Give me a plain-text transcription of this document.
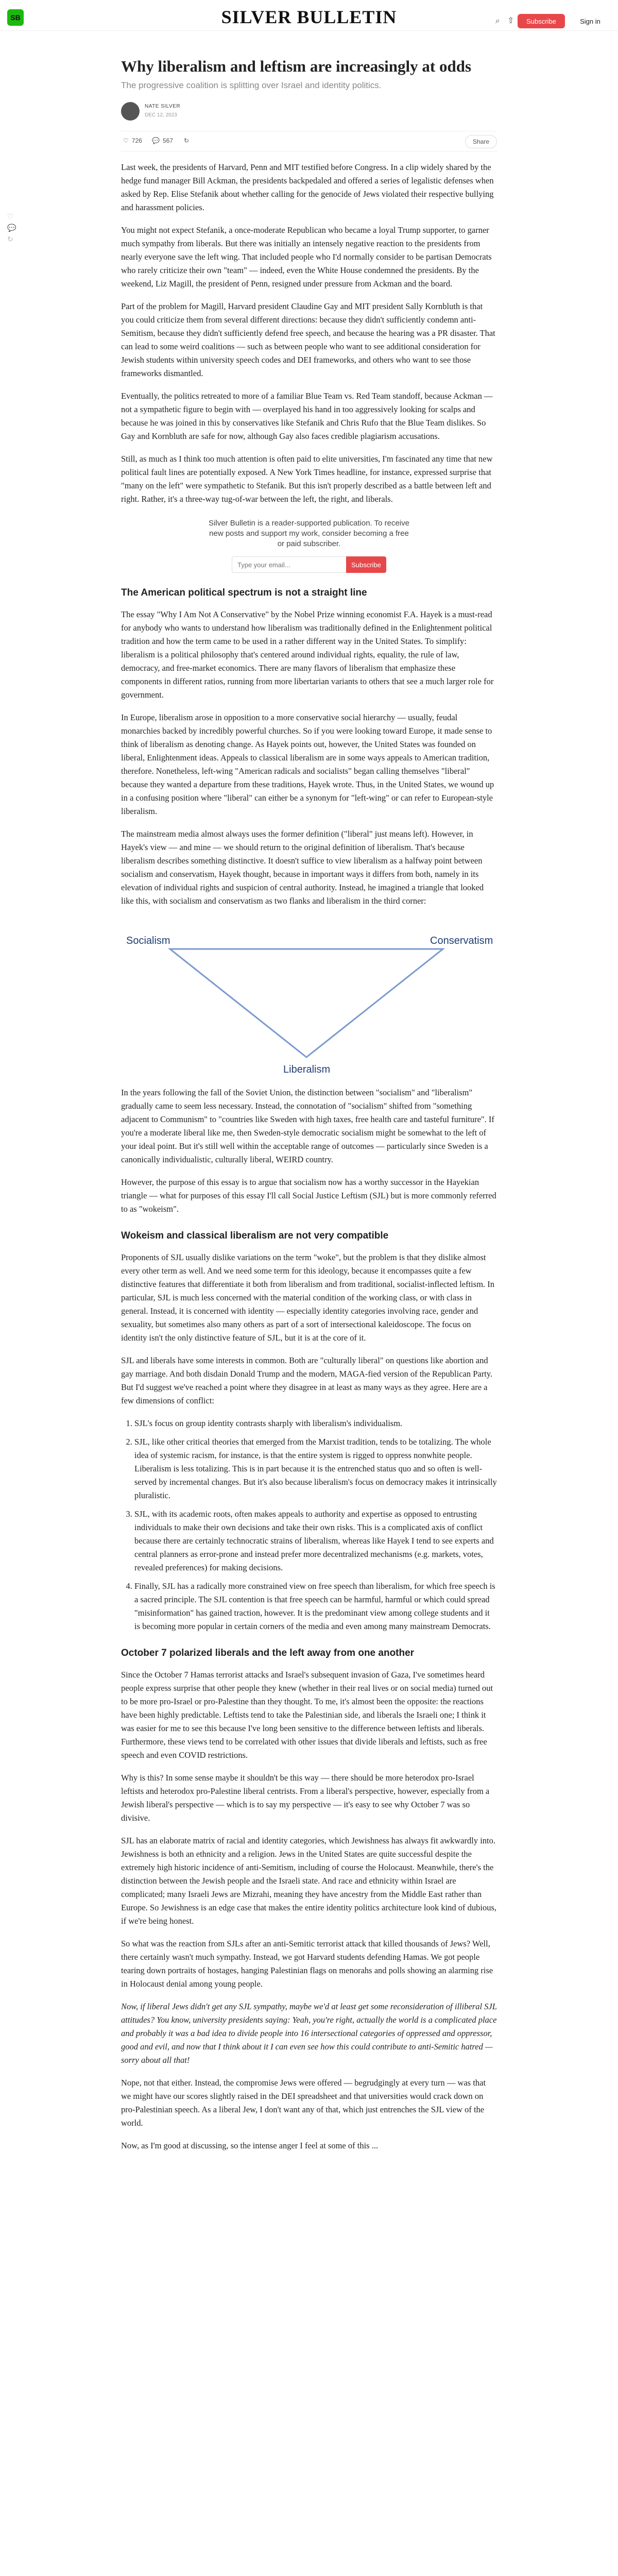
SB	SILVER BULLETIN	⌕ ⇧	Subscribe	Sign in
♡
💬
↻
Why liberalism and leftism are increasingly at odds
The progressive coalition is splitting over Israel and identity politics.
NATE SILVER
DEC 12, 2023
♡ 726 💬 567 ↻	Share

Last week, the presidents of Harvard, Penn and MIT testified before Congress. In a clip widely shared by the hedge fund manager Bill Ackman, the presidents backpedaled and offered a series of legalistic defenses when asked by Rep. Elise Stefanik about whether calling for the genocide of Jews violated their respective bullying and harassment policies.

You might not expect Stefanik, a once-moderate Republican who became a loyal Trump supporter, to garner much sympathy from liberals. But there was initially an intensely negative reaction to the presidents from nearly everyone save the left wing. That included people who I'd normally consider to be partisan Democrats who rarely criticize their own "team" — indeed, even the White House condemned the presidents. By the weekend, Liz Magill, the president of Penn, resigned under pressure from Ackman and the board.

Part of the problem for Magill, Harvard president Claudine Gay and MIT president Sally Kornbluth is that you could criticize them from several different directions: because they didn't sufficiently condemn anti-Semitism, because they didn't sufficiently defend free speech, and because the hearing was a PR disaster. That can lead to some weird coalitions — such as between people who want to see additional consideration for Jewish students within university speech codes and DEI frameworks, and others who want to see those frameworks dismantled.

Eventually, the politics retreated to more of a familiar Blue Team vs. Red Team standoff, because Ackman — not a sympathetic figure to begin with — overplayed his hand in too aggressively looking for scalps and because he was joined in this by conservatives like Stefanik and Chris Rufo that the Blue Team dislikes. So Gay and Kornbluth are safe for now, although Gay also faces credible plagiarism accusations.

Still, as much as I think too much attention is often paid to elite universities, I'm fascinated any time that new political fault lines are potentially exposed. A New York Times headline, for instance, expressed surprise that "many on the left" were sympathetic to Stefanik. But this isn't properly described as a battle between left and right. Rather, it's a three-way tug-of-war between the left, the right, and liberals.

Silver Bulletin is a reader-supported publication. To receive new posts and support my work, consider becoming a free or paid subscriber.
Type your email...
Subscribe
The American political spectrum is not a straight line

The essay "Why I Am Not A Conservative" by the Nobel Prize winning economist F.A. Hayek is a must-read for anybody who wants to understand how liberalism was traditionally defined in the Enlightenment political tradition and how the term came to be used in a rather different way in the United States. To simplify: liberalism is a political philosophy that's centered around individual rights, equality, the rule of law, democracy, and free-market economics. There are many flavors of liberalism that emphasize these components in different ratios, running from more libertarian variants to others that see a much larger role for government.

In Europe, liberalism arose in opposition to a more conservative social hierarchy — usually, feudal monarchies backed by incredibly powerful churches. So if you were looking toward Europe, it made sense to think of liberalism as denoting change. As Hayek points out, however, the United States was founded on liberal, Enlightenment ideas. Appeals to classical liberalism are in some ways appeals to American tradition, therefore. Nonetheless, left-wing "American radicals and socialists" began calling themselves "liberal" because they wanted a departure from these traditions, Hayek wrote. Thus, in the United States, we wound up in a confusing position where "liberal" can either be a synonym for "left-wing" or can refer to European-style liberalism.

The mainstream media almost always uses the former definition ("liberal" just means left). However, in Hayek's view — and mine — we should return to the original definition of liberalism. That's because liberalism describes something distinctive. It doesn't suffice to view liberalism as a halfway point between socialism and conservatism, Hayek thought, because in important ways it differs from both, namely in its elevation of individual rights and suspicion of central authority. Instead, he imagined a triangle that looked like this, with socialism and conservatism as two flanks and liberalism in the third corner:

Socialism	Conservatism
Liberalism

In the years following the fall of the Soviet Union, the distinction between "socialism" and "liberalism" gradually came to seem less necessary. Instead, the connotation of "socialism" shifted from "something adjacent to Communism" to "countries like Sweden with high taxes, free health care and tasteful furniture". If you're a moderate liberal like me, then Sweden-style democratic socialism might be somewhat to the left of your ideal point. But it's still well within the acceptable range of outcomes — particularly since Sweden is a canonically individualistic, culturally liberal, WEIRD country.

However, the purpose of this essay is to argue that socialism now has a worthy successor in the Hayekian triangle — what for purposes of this essay I'll call Social Justice Leftism (SJL) but is more commonly referred to as "wokeism".

Wokeism and classical liberalism are not very compatible

Proponents of SJL usually dislike variations on the term "woke", but the problem is that they dislike almost every other term as well. And we need some term for this ideology, because it encompasses quite a few distinctive features that differentiate it both from liberalism and from traditional, socialist-inflected leftism. In particular, SJL is much less concerned with the material condition of the working class, or with class in general. Instead, it is concerned with identity — especially identity categories involving race, gender and sexuality, but sometimes also many others as part of a sort of intersectional kaleidoscope. The focus on identity isn't the only distinctive feature of SJL, but it is at the core of it.

SJL and liberals have some interests in common. Both are "culturally liberal" on questions like abortion and gay marriage. And both disdain Donald Trump and the modern, MAGA-fied version of the Republican Party. But I'd suggest we've reached a point where they disagree in at least as many ways as they agree. Here are a few dimensions of conflict:

1. SJL's focus on group identity contrasts sharply with liberalism's individualism.
2. SJL, like other critical theories that emerged from the Marxist tradition, tends to be totalizing. The whole idea of systemic racism, for instance, is that the entire system is rigged to oppress nonwhite people. Liberalism is less totalizing. This is in part because it is the entrenched status quo and so often is well-served by incremental changes. But it's also because liberalism's focus on democracy makes it intrinsically pluralistic.
3. SJL, with its academic roots, often makes appeals to authority and expertise as opposed to entrusting individuals to make their own decisions and take their own risks. This is a complicated axis of conflict because there are certainly technocratic strains of liberalism, whereas like Hayek I tend to see experts and central planners as error-prone and instead prefer more decentralized mechanisms (e.g. markets, votes, revealed preferences) for making decisions.
4. Finally, SJL has a radically more constrained view on free speech than liberalism, for which free speech is a sacred principle. The SJL contention is that free speech can be harmful, harmful or which could spread "misinformation" has gained traction, however. It is the predominant view among college students and it is becoming more popular in certain corners of the media and even among many mainstream Democrats.
October 7 polarized liberals and the left away from one another

Since the October 7 Hamas terrorist attacks and Israel's subsequent invasion of Gaza, I've sometimes heard people express surprise that other people they knew (whether in their real lives or on social media) turned out to be more pro-Israel or pro-Palestine than they thought. To me, it's almost been the opposite: the reactions have been highly predictable. Leftists tend to take the Palestinian side, and liberals the Israeli one; I think it was easier for me to see this because I've long been sensitive to the difference between leftists and liberals. Furthermore, these views tend to be correlated with other issues that divide liberals and leftists, such as free speech and even COVID restrictions.

Why is this? In some sense maybe it shouldn't be this way — there should be more heterodox pro-Israel leftists and heterodox pro-Palestine liberal centrists. From a liberal's perspective, however, especially from a Jewish liberal's perspective — which is to say my perspective — it's easy to see why October 7 was so divisive.

SJL has an elaborate matrix of racial and identity categories, which Jewishness has always fit awkwardly into. Jewishness is both an ethnicity and a religion. Jews in the United States are quite successful despite the extremely high historic incidence of anti-Semitism, including of course the Holocaust. Meanwhile, there's the distinction between the Jewish people and the Israeli state. And race and ethnicity within Israel are complicated; many Israeli Jews are Mizrahi, meaning they have ancestry from the Middle East rather than Europe. So Jewishness is an edge case that makes the entire identity politics architecture look kind of dubious, if we're being honest.

So what was the reaction from SJLs after an anti-Semitic terrorist attack that killed thousands of Jews? Well, there certainly wasn't much sympathy. Instead, we got Harvard students defending Hamas. We got people tearing down portraits of hostages, hanging Palestinian flags on menorahs and polls showing an alarming rise in Holocaust denial among young people.

Now, if liberal Jews didn't get any SJL sympathy, maybe we'd at least get some reconsideration of illiberal SJL attitudes? You know, university presidents saying: Yeah, you're right, actually the world is a complicated place and probably it was a bad idea to divide people into 16 intersectional categories of oppressed and oppressor, good and evil, and now that I think about it I can even see how this could contribute to anti-Semitic hatred — sorry about all that!

Nope, not that either. Instead, the compromise Jews were offered — begrudgingly at every turn — was that we might have our scores slightly raised in the DEI spreadsheet and that universities would crack down on pro-Palestinian speech. As a liberal Jew, I don't want any of that, which just entrenches the SJL view of the world.

Now, as I'm good at discussing, so the intense anger I feel at some of this ...
